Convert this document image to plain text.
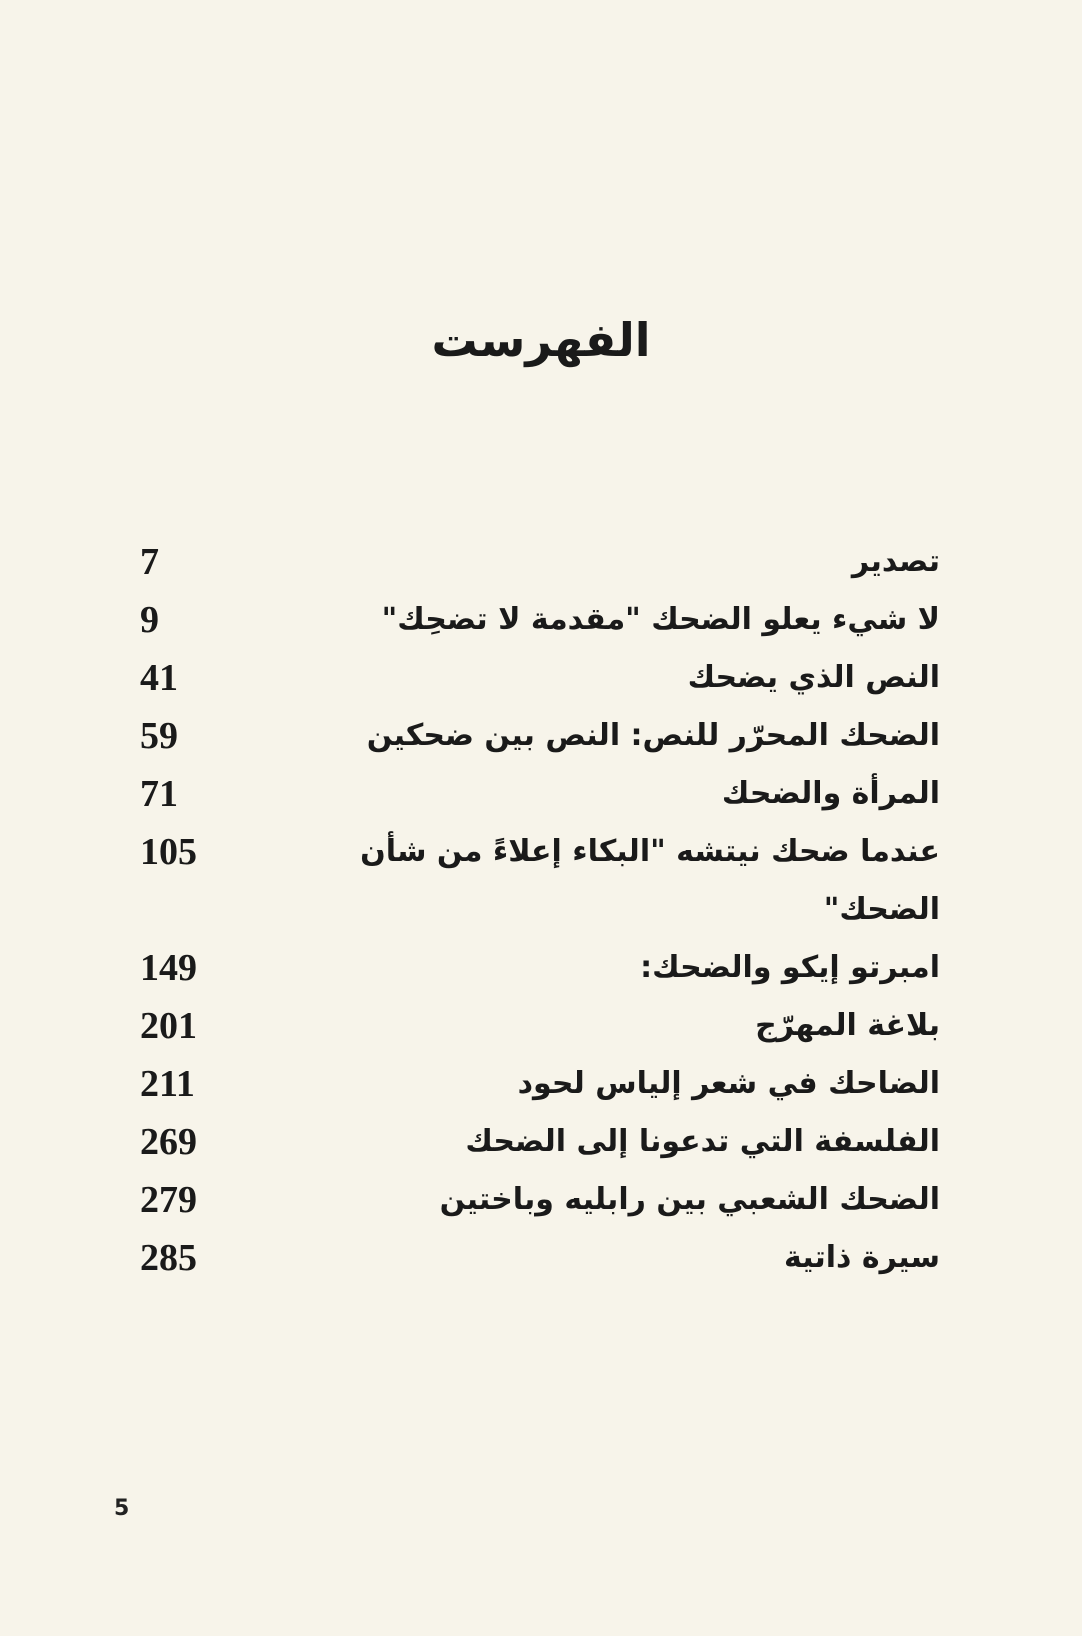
الفهرست
تصدير
7
لا شيء يعلو الضحك "مقدمة لا تضحِك"
9
النص الذي يضحك
41
الضحك المحرّر للنص: النص بين ضحكين
59
المرأة والضحك
71
عندما ضحك نيتشه "البكاء إعلاءً من شأن الضحك"
105
امبرتو إيكو والضحك:
149
بلاغة المهرّج
201
الضاحك في شعر إلياس لحود
211
الفلسفة التي تدعونا إلى الضحك
269
الضحك الشعبي بين رابليه وباختين
279
سيرة ذاتية
285
5
